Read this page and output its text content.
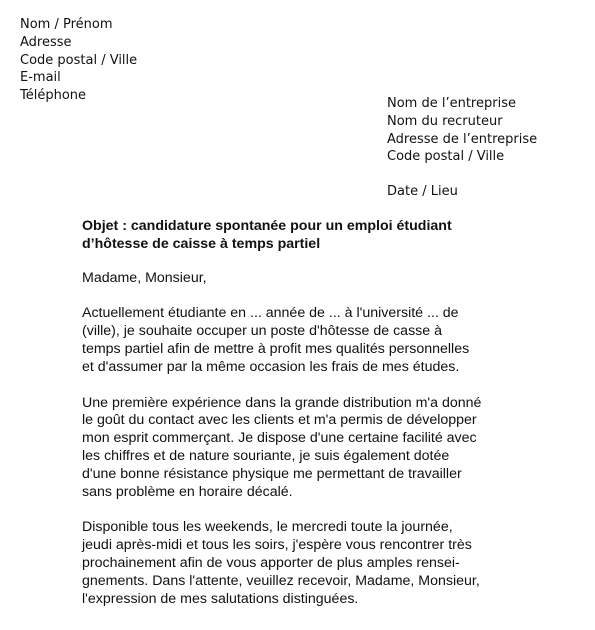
Nom / Prénom
Adresse
Code postal / Ville
E-mail
Téléphone
Nom de l’entreprise
Nom du recruteur
Adresse de l’entreprise
Code postal / Ville
Date / Lieu
Objet : candidature spontanée pour un emploi étudiant
d’hôtesse de caisse à temps partiel
Madame, Monsieur,
Actuellement étudiante en ... année de ... à l'université ... de
(ville), je souhaite occuper un poste d'hôtesse de casse à
temps partiel afin de mettre à profit mes qualités personnelles
et d'assumer par la même occasion les frais de mes études.
Une première expérience dans la grande distribution m'a donné
le goût du contact avec les clients et m'a permis de développer
mon esprit commerçant. Je dispose d'une certaine facilité avec
les chiffres et de nature souriante, je suis également dotée
d'une bonne résistance physique me permettant de travailler
sans problème en horaire décalé.
Disponible tous les weekends, le mercredi toute la journée,
jeudi après-midi et tous les soirs, j'espère vous rencontrer très
prochainement afin de vous apporter de plus amples rensei-
gnements. Dans l'attente, veuillez recevoir, Madame, Monsieur,
l'expression de mes salutations distinguées.
